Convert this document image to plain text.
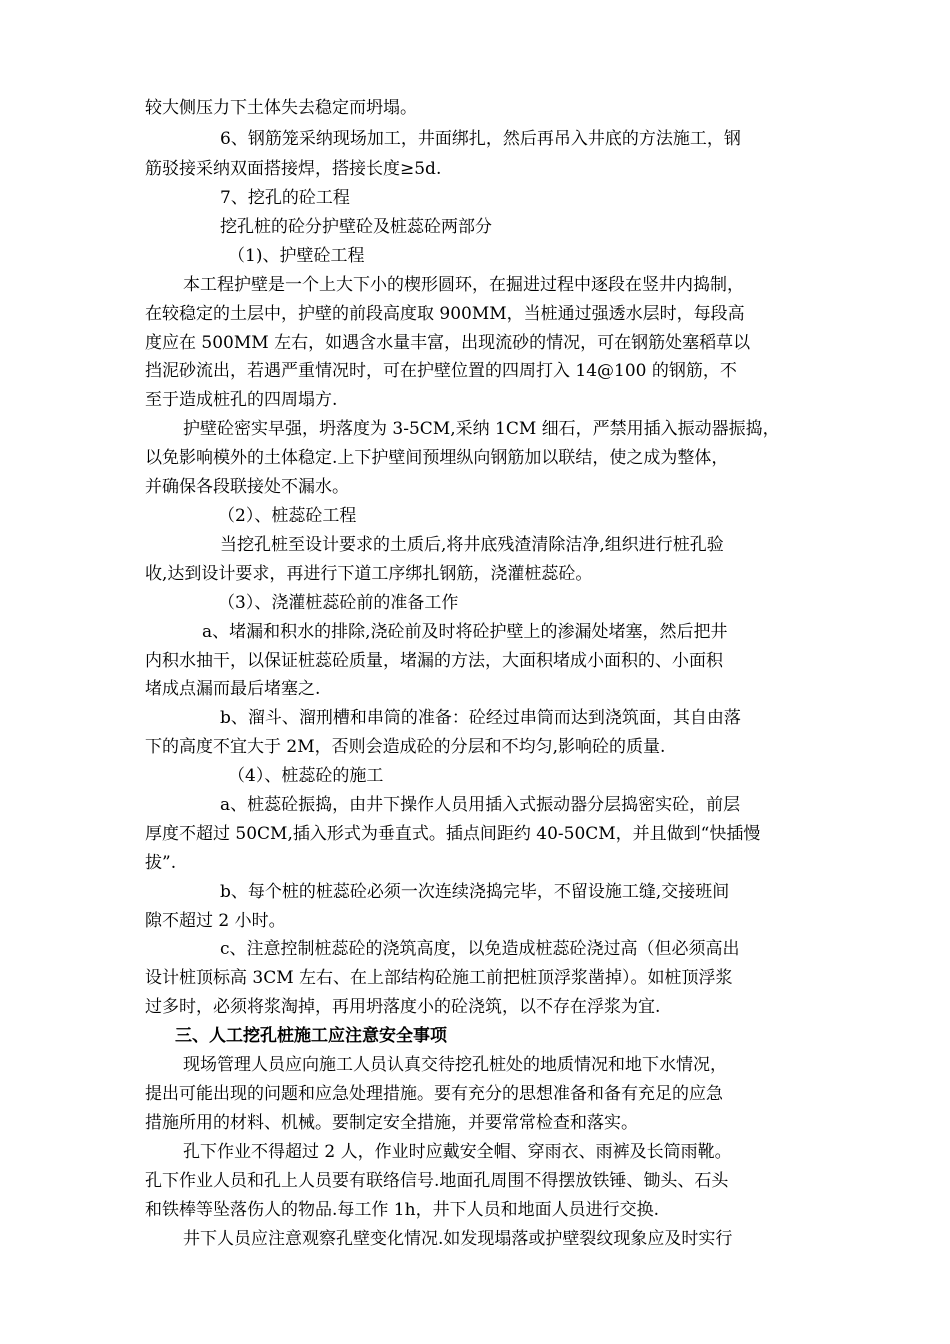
较大侧压力下土体失去稳定而坍塌。
6、钢筋笼采纳现场加工，井面绑扎，然后再吊入井底的方法施工，钢
筋驳接采纳双面搭接焊，搭接长度≥5d.
7、挖孔的砼工程
挖孔桩的砼分护壁砼及桩蕊砼两部分
（1)、护壁砼工程
本工程护壁是一个上大下小的楔形圆环，在掘进过程中逐段在竖井内捣制，
在较稳定的土层中，护壁的前段高度取 900MM，当桩通过强透水层时，每段高
度应在 500MM 左右，如遇含水量丰富，出现流砂的情况，可在钢筋处塞稻草以
挡泥砂流出，若遇严重情况时，可在护壁位置的四周打入 14@100 的钢筋，不
至于造成桩孔的四周塌方.
护壁砼密实早强，坍落度为 3-5CM,采纳 1CM 细石，严禁用插入振动器振捣，
以免影响模外的土体稳定.上下护壁间预埋纵向钢筋加以联结，使之成为整体，
并确保各段联接处不漏水。
（2）、桩蕊砼工程
当挖孔桩至设计要求的土质后,将井底残渣清除洁净,组织进行桩孔验
收,达到设计要求，再进行下道工序绑扎钢筋，浇灌桩蕊砼。
（3）、浇灌桩蕊砼前的准备工作
a、堵漏和积水的排除,浇砼前及时将砼护壁上的渗漏处堵塞，然后把井
内积水抽干，以保证桩蕊砼质量，堵漏的方法，大面积堵成小面积的、小面积
堵成点漏而最后堵塞之.
b、溜斗、溜刑槽和串筒的准备：砼经过串筒而达到浇筑面，其自由落
下的高度不宜大于 2M，否则会造成砼的分层和不均匀,影响砼的质量.
（4）、桩蕊砼的施工
a、桩蕊砼振捣，由井下操作人员用插入式振动器分层捣密实砼，前层
厚度不超过 50CM,插入形式为垂直式。插点间距约 40-50CM，并且做到“快插慢
拔”.
b、每个桩的桩蕊砼必须一次连续浇捣完毕，不留设施工缝,交接班间
隙不超过 2 小时。
c、注意控制桩蕊砼的浇筑高度，以免造成桩蕊砼浇过高（但必须高出
设计桩顶标高 3CM 左右、在上部结构砼施工前把桩顶浮浆凿掉）。如桩顶浮浆
过多时，必须将浆淘掉，再用坍落度小的砼浇筑，以不存在浮浆为宜.
三、人工挖孔桩施工应注意安全事项
现场管理人员应向施工人员认真交待挖孔桩处的地质情况和地下水情况，
提出可能出现的问题和应急处理措施。要有充分的思想准备和备有充足的应急
措施所用的材料、机械。要制定安全措施，并要常常检查和落实。
孔下作业不得超过 2 人，作业时应戴安全帽、穿雨衣、雨裤及长筒雨靴。
孔下作业人员和孔上人员要有联络信号.地面孔周围不得摆放铁锤、锄头、石头
和铁棒等坠落伤人的物品.每工作 1h，井下人员和地面人员进行交换.
井下人员应注意观察孔壁变化情况.如发现塌落或护壁裂纹现象应及时实行
